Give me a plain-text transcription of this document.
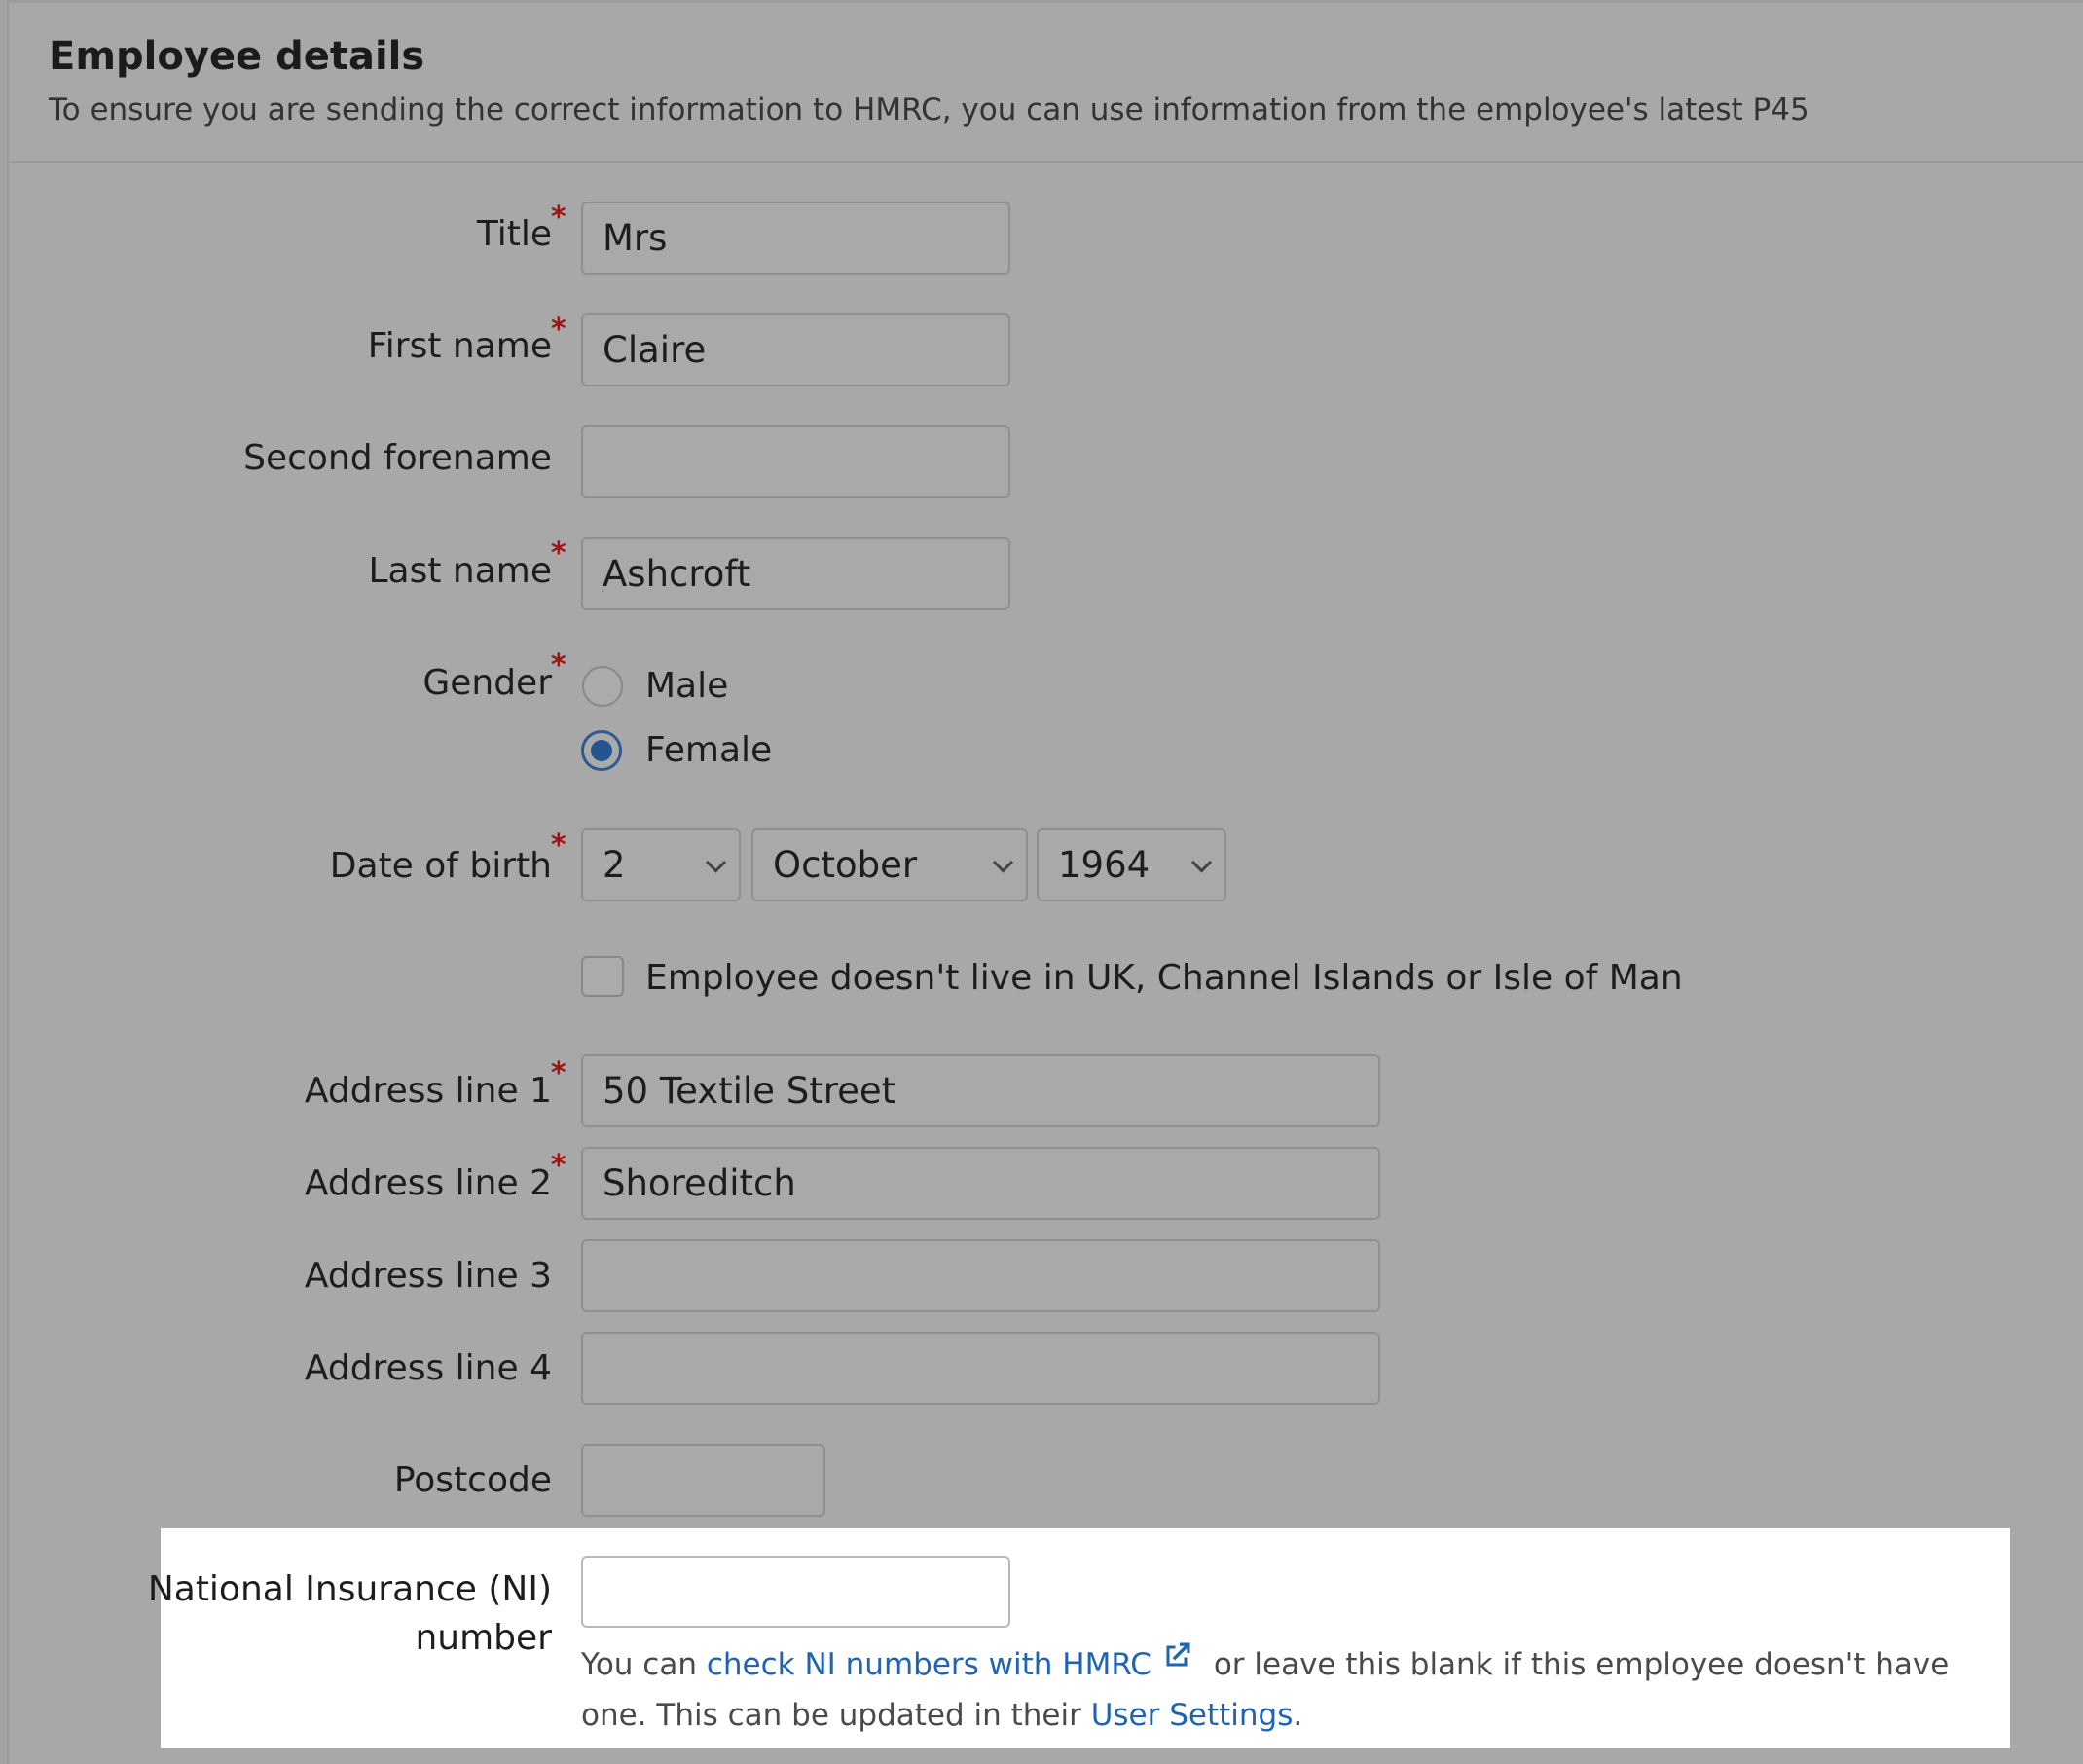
Employee details

To ensure you are sending the correct information to HMRC, you can use information from the employee's latest P45

Title *	Mrs
First name *	Claire
Second forename
Last name *	Ashcroft
Gender *
Male
Female
Date of birth
* 2	October	1964
Employee doesn't live in UK, Channel Islands or Isle of Man
Address line 1 *	50 Textile Street
Address line 2 *	Shoreditch
Address line 3
Address line 4
Postcode
National Insurance (NI)
number
You can check NI numbers with HMRC or leave this blank if this employee doesn't have one. This can be updated in their User Settings.
